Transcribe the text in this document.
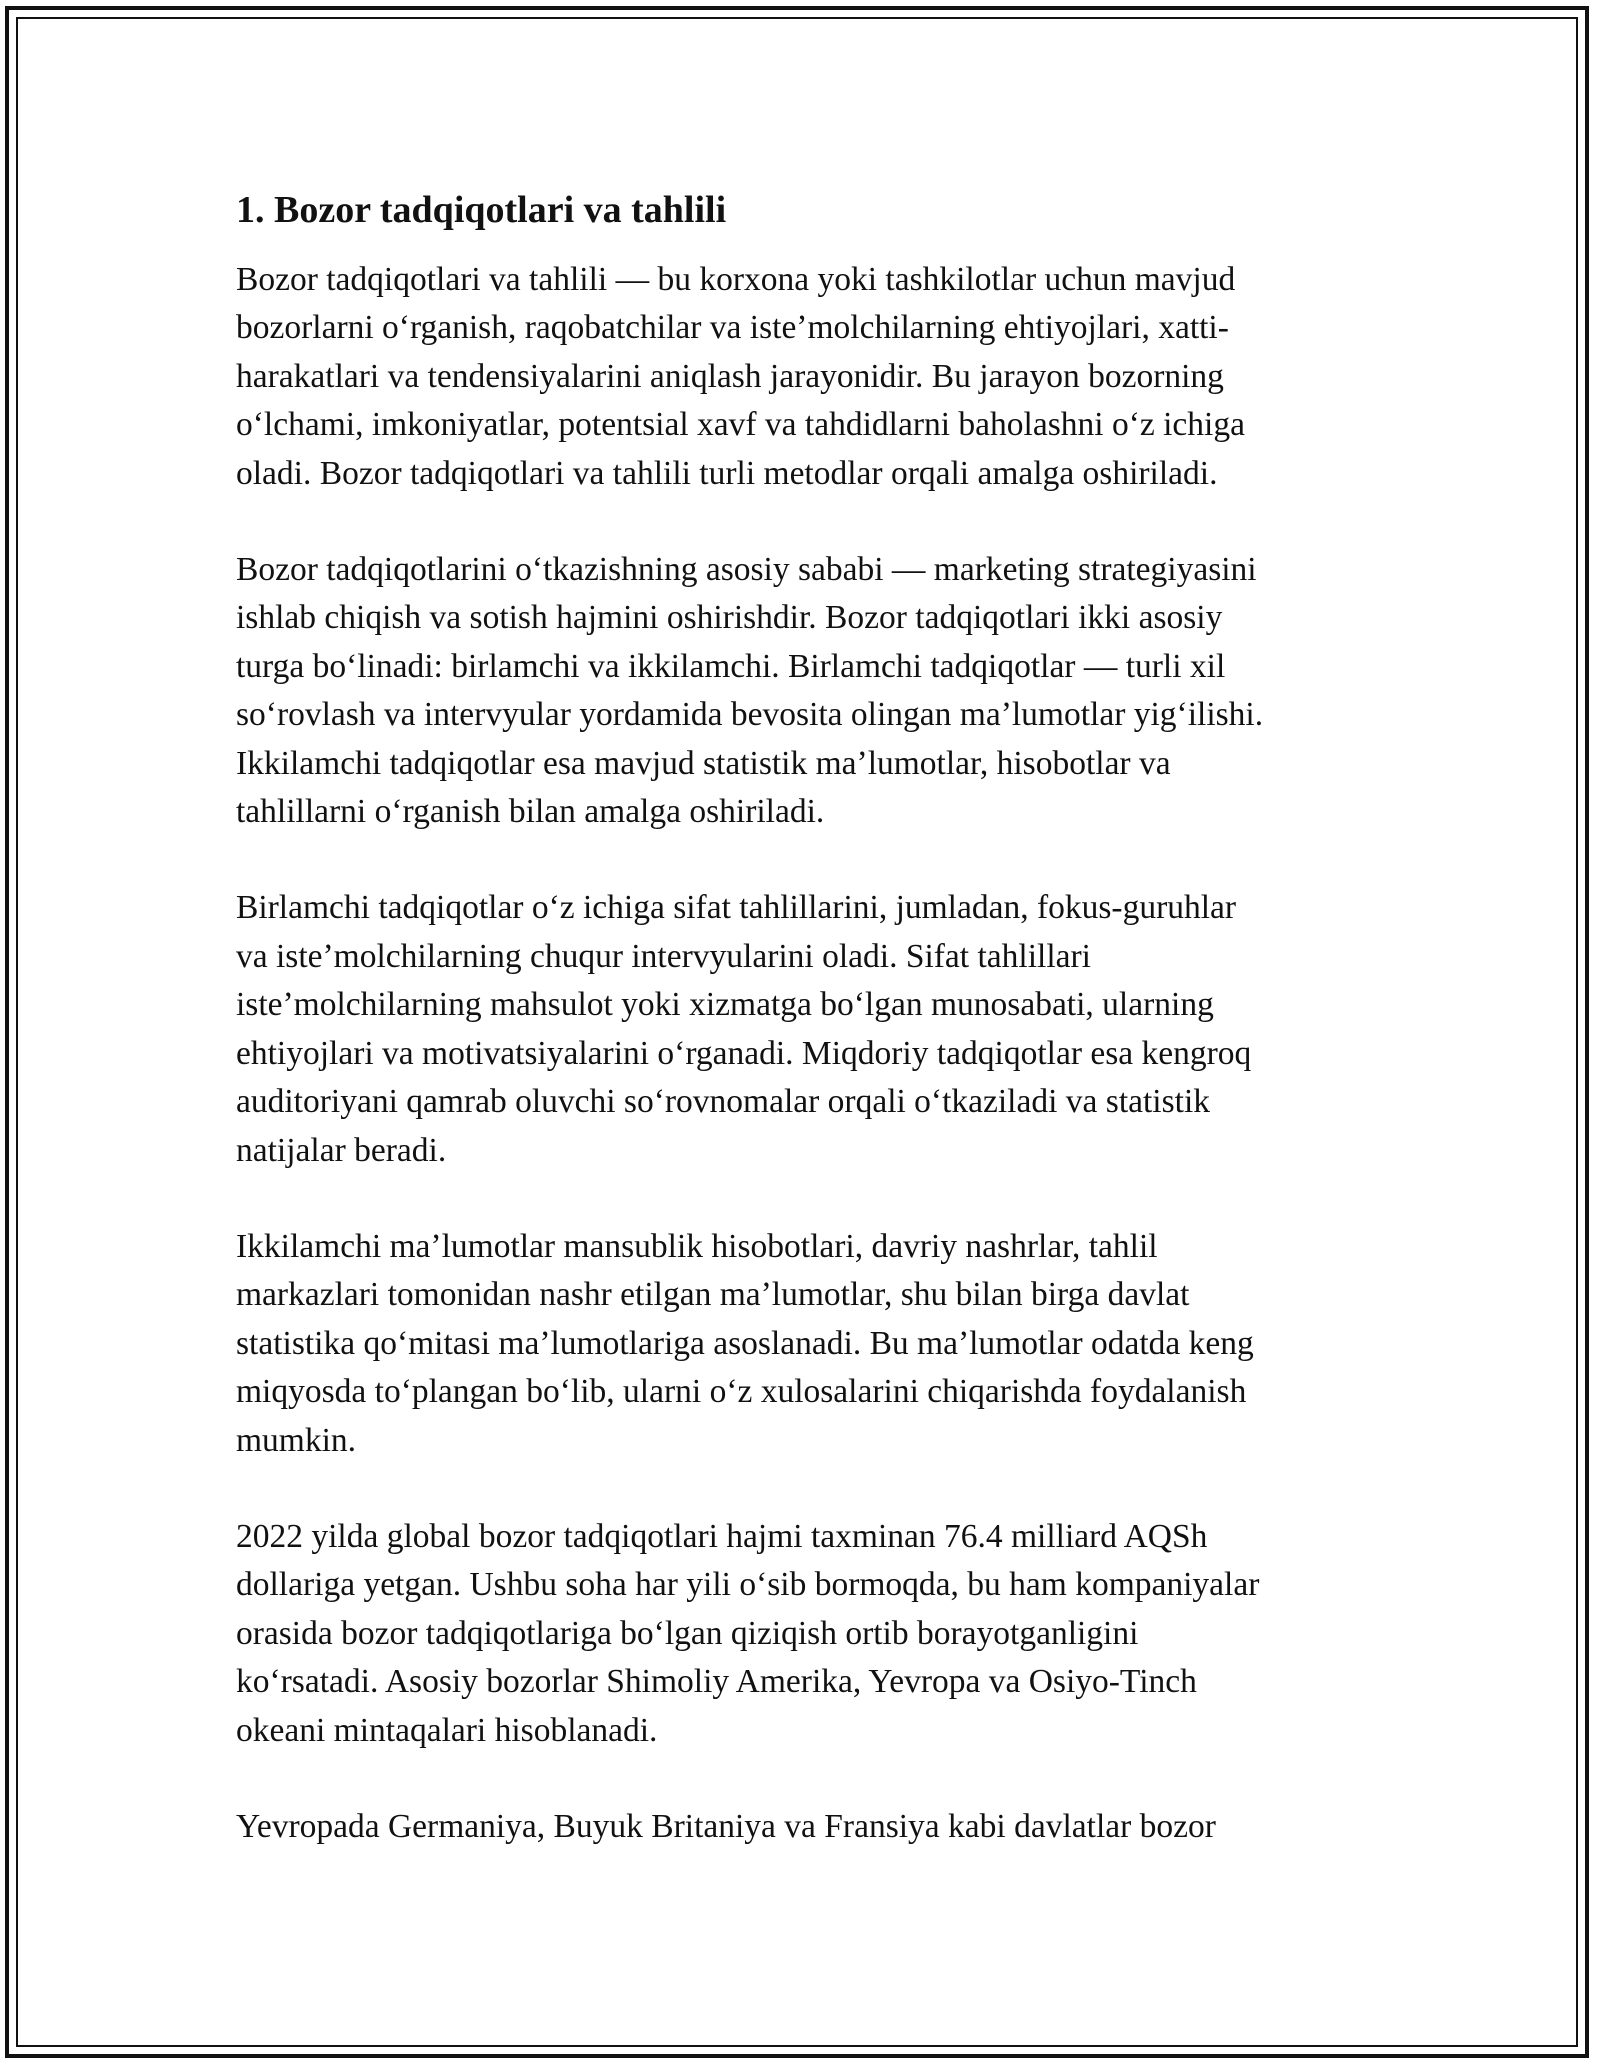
1. Bozor tadqiqotlari va tahlili

Bozor tadqiqotlari va tahlili — bu korxona yoki tashkilotlar uchun mavjud
bozorlarni oʻrganish, raqobatchilar va isteʼmolchilarning ehtiyojlari, xatti-
harakatlari va tendensiyalarini aniqlash jarayonidir. Bu jarayon bozorning
oʻlchami, imkoniyatlar, potentsial xavf va tahdidlarni baholashni oʻz ichiga
oladi. Bozor tadqiqotlari va tahlili turli metodlar orqali amalga oshiriladi.

Bozor tadqiqotlarini oʻtkazishning asosiy sababi — marketing strategiyasini
ishlab chiqish va sotish hajmini oshirishdir. Bozor tadqiqotlari ikki asosiy
turga boʻlinadi: birlamchi va ikkilamchi. Birlamchi tadqiqotlar — turli xil
soʻrovlash va intervyular yordamida bevosita olingan maʼlumotlar yigʻilishi.
Ikkilamchi tadqiqotlar esa mavjud statistik maʼlumotlar, hisobotlar va
tahlillarni oʻrganish bilan amalga oshiriladi.

Birlamchi tadqiqotlar oʻz ichiga sifat tahlillarini, jumladan, fokus-guruhlar
va isteʼmolchilarning chuqur intervyularini oladi. Sifat tahlillari
isteʼmolchilarning mahsulot yoki xizmatga boʻlgan munosabati, ularning
ehtiyojlari va motivatsiyalarini oʻrganadi. Miqdoriy tadqiqotlar esa kengroq
auditoriyani qamrab oluvchi soʻrovnomalar orqali oʻtkaziladi va statistik
natijalar beradi.

Ikkilamchi maʼlumotlar mansublik hisobotlari, davriy nashrlar, tahlil
markazlari tomonidan nashr etilgan maʼlumotlar, shu bilan birga davlat
statistika qoʻmitasi maʼlumotlariga asoslanadi. Bu maʼlumotlar odatda keng
miqyosda toʻplangan boʻlib, ularni oʻz xulosalarini chiqarishda foydalanish
mumkin.

2022 yilda global bozor tadqiqotlari hajmi taxminan 76.4 milliard AQSh
dollariga yetgan. Ushbu soha har yili oʻsib bormoqda, bu ham kompaniyalar
orasida bozor tadqiqotlariga boʻlgan qiziqish ortib borayotganligini
koʻrsatadi. Asosiy bozorlar Shimoliy Amerika, Yevropa va Osiyo-Tinch
okeani mintaqalari hisoblanadi.

Yevropada Germaniya, Buyuk Britaniya va Fransiya kabi davlatlar bozor
